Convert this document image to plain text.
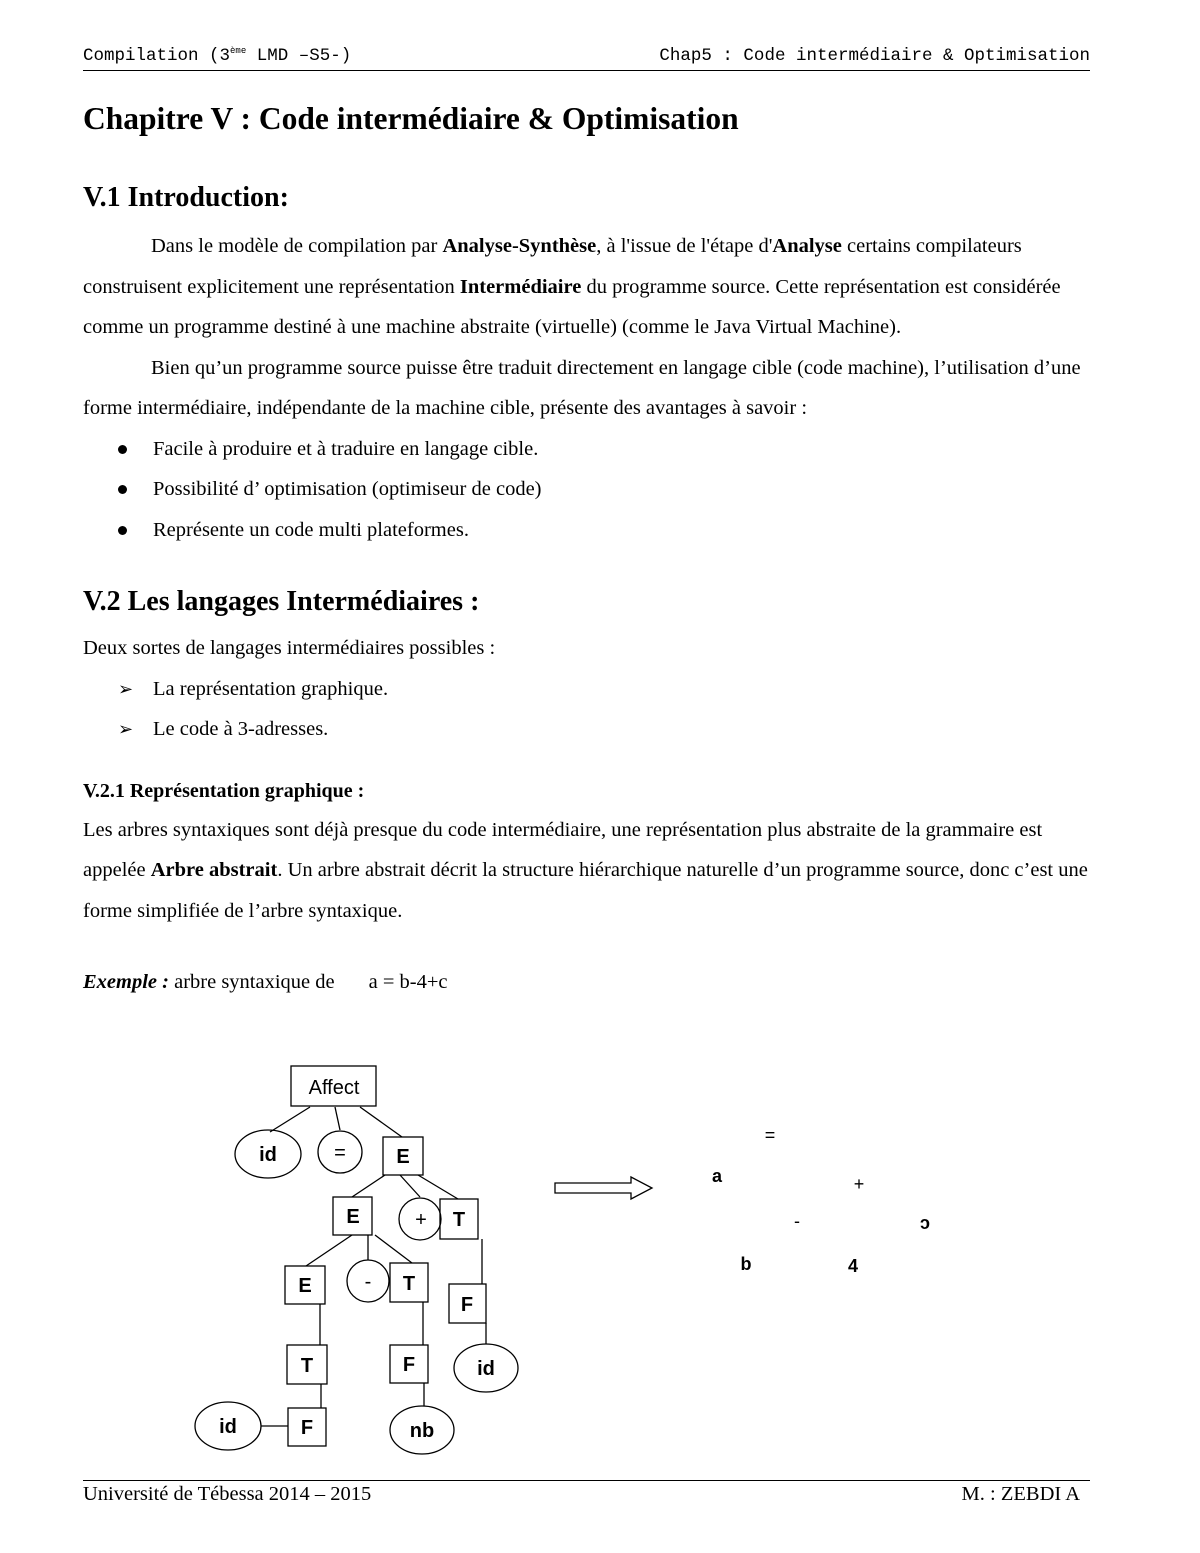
Compilation (3ème LMD –S5-)	Chap5 : Code intermédiaire & Optimisation
Chapitre V : Code intermédiaire & Optimisation
V.1 Introduction:

Dans le modèle de compilation par Analyse-Synthèse, à l'issue de l'étape d'Analyse certains compilateurs construisent explicitement une représentation Intermédiaire du programme source. Cette représentation est considérée comme un programme destiné à une machine abstraite (virtuelle) (comme le Java Virtual Machine).

Bien qu’un programme source puisse être traduit directement en langage cible (code machine), l’utilisation d’une forme intermédiaire, indépendante de la machine cible, présente des avantages à savoir :

Facile à produire et à traduire en langage cible.
Possibilité d’ optimisation (optimiseur de code)
Représente un code multi plateformes.
V.2 Les langages Intermédiaires :

Deux sortes de langages intermédiaires possibles :

➢ La représentation graphique.
➢ Le code à 3-adresses.
V.2.1 Représentation graphique :

Les arbres syntaxiques sont déjà presque du code intermédiaire, une représentation plus abstraite de la grammaire est appelée Arbre abstrait. Un arbre abstrait décrit la structure hiérarchique naturelle d’un programme source, donc c’est une forme simplifiée de l’arbre syntaxique.

Exemple : arbre syntaxique de a = b-4+c
Affect
id	=	E
E	+ T
E	- T
F
T	F	id
id	F	nb
=
a	+
-	c
b	4
Université de Tébessa 2014 – 2015	M. : ZEBDI A
